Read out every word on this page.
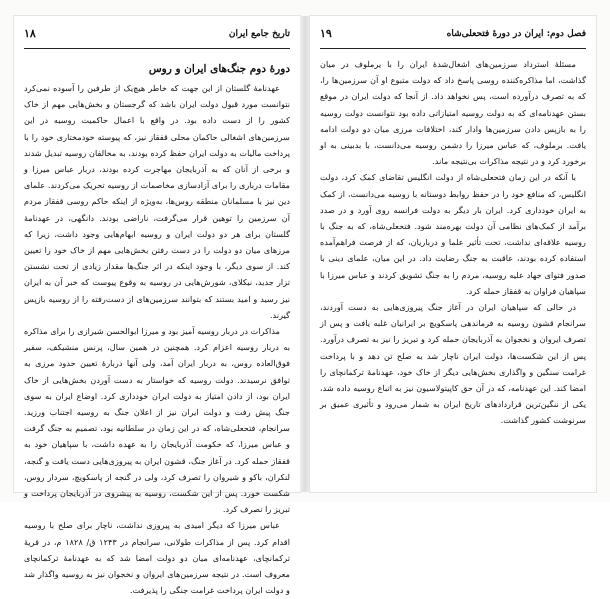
۱۸	تاریخ جامع ایران
دورهٔ دوم جنگ‌های ایران و روس

عهدنامهٔ گلستان از این جهت که خاطر هیچ‌یک از طرفین را آسوده نمی‌کرد نتوانست مورد قبول دولت ایران باشد که گرجستان و بخش‌هایی مهم از خاک کشور را از دست داده بود. در واقع با اعمال حاکمیت روسیه در این سرزمین‌های اشغالی حاکمان محلی قفقاز نیز، که پیوسته خودمختاری خود را با پرداخت مالیات به دولت ایران حفظ کرده بودند، به مخالفان روسیه تبدیل شدند و برخی از آنان که به آذربایجان مهاجرت کرده بودند، دربار عباس میرزا و مقامات درباری را برای آزادسازی مخاصمات از روسیه تحریک می‌کردند. علمای دین نیز با مسلمانان منطقه روس‌ها، به‌ویژه از اینکه حاکم روسی قفقاز مردم آن سرزمین را توهین قرار می‌گرفت، ناراضی بودند. دانگهی، در عهدنامهٔ گلستان برای هر دو دولت ایران و روسیه ابهام‌هایی وجود داشت، زیرا که مرزهای میان دو دولت را در دست رفتن بخش‌هایی مهم از خاک خود را تعیین کند. از سوی دیگر، با وجود اینکه در اثر جنگ‌ها مقدار زیادی از تحت نشستن تزار جدید، نیکلای، شورش‌هایی در روسیه به وقوع پیوست که خبر آن به ایران نیز رسید و امید بستند که بتوانند سرزمین‌های از دست‌رفته را از روسیه بازپس گیرند.

مذاکرات در دربار روسیه آمیز بود و میرزا ابوالحسن شیرازی را برای مذاکره به دربار روسیه اعزام کرد. همچنین در همین سال، پرنس منشیکف، سفیر فوق‌العاده روس، به دربار ایران آمد، ولی آنها دربارهٔ تعیین حدود مرزی به توافق نرسیدند. دولت روسیه که خواستار به دست آوردن بخش‌هایی از خاک ایران بود، از دادن امتیاز به دولت ایران خودداری کرد. اوضاع ایران به سوی جنگ پیش رفت و دولت ایران نیز از اعلان جنگ به روسیه اجتناب ورزید. سرانجام، فتحعلی‌شاه، که در این زمان در سلطانیه بود، تصمیم به جنگ گرفت و عباس میرزا، که حکومت آذربایجان را به عهده داشت، با سپاهیان خود به قفقاز حمله کرد. در آغاز جنگ، قشون ایران به پیروزی‌هایی دست یافت و گنجه، لنکران، باکو و شیروان را تصرف کرد، ولی در گنجه از پاسکویچ، سردار روس، شکست خورد. پس از این شکست، روسیه به پیشروی در آذربایجان پرداخت و تبریز را تصرف کرد.

عباس میرزا که دیگر امیدی به پیروزی نداشت، ناچار برای صلح با روسیه اقدام کرد. پس از مذاکرات طولانی، سرانجام در ۱۲۴۳ ق/ ۱۸۲۸ م، در قریهٔ ترکمانچای، عهدنامه‌ای میان دو دولت امضا شد که به عهدنامهٔ ترکمانچای معروف است. در نتیجه سرزمین‌های ایروان و نخجوان نیز به روسیه واگذار شد و دولت ایران پرداخت غرامت جنگی را پذیرفت.

۱۹	فصل دوم: ایران در دورهٔ فتحعلی‌شاه

مسئلهٔ استرداد سرزمین‌های اشغال‌شدهٔ ایران را با یرملوف در میان گذاشت، اما مذاکره‌کننده روسی پاسخ داد که دولت متبوع او آن سرزمین‌ها را، که به تصرف درآورده است، پس نخواهد داد. از آنجا که دولت ایران در موقع بستن عهدنامه‌ای که به دولت روسیه امتیازاتی داده بود نتوانست دولت روسیه را به بازپس دادن سرزمین‌ها وادار کند، اختلافات مرزی میان دو دولت ادامه یافت. برملوف، که عباس میرزا را دشمن روسیه می‌دانست، با بدبینی به او برخورد کرد و در نتیجه مذاکرات بی‌نتیجه ماند.

با آنکه در این زمان فتحعلی‌شاه از دولت انگلیس تقاضای کمک کرد، دولت انگلیس، که منافع خود را در حفظ روابط دوستانه با روسیه می‌دانست، از کمک به ایران خودداری کرد. ایران بار دیگر به دولت فرانسه روی آورد و در صدد برآمد از کمک‌های نظامی آن دولت بهره‌مند شود. فتحعلی‌شاه، که به جنگ با روسیه علاقه‌ای نداشت، تحت تأثیر علما و درباریان، که از فرصت فراهم‌آمده استفاده کرده بودند، عاقبت به جنگ رضایت داد. در این میان، علمای دینی با صدور فتوای جهاد علیه روسیه، مردم را به جنگ تشویق کردند و عباس میرزا با سپاهیان فراوان به قفقاز حمله کرد.

در حالی که سپاهیان ایران در آغاز جنگ پیروزی‌هایی به دست آوردند، سرانجام قشون روسیه به فرماندهی پاسکویچ بر ایرانیان غلبه یافت و پس از تصرف ایروان و نخجوان به آذربایجان حمله کرد و تبریز را نیز به تصرف درآورد. پس از این شکست‌ها، دولت ایران ناچار شد به صلح تن دهد و با پرداخت غرامت سنگین و واگذاری بخش‌هایی دیگر از خاک خود، عهدنامهٔ ترکمانچای را امضا کند. این عهدنامه، که در آن حق کاپیتولاسیون نیز به اتباع روسیه داده شد، یکی از ننگین‌ترین قراردادهای تاریخ ایران به شمار می‌رود و تأثیری عمیق بر سرنوشت کشور گذاشت.
